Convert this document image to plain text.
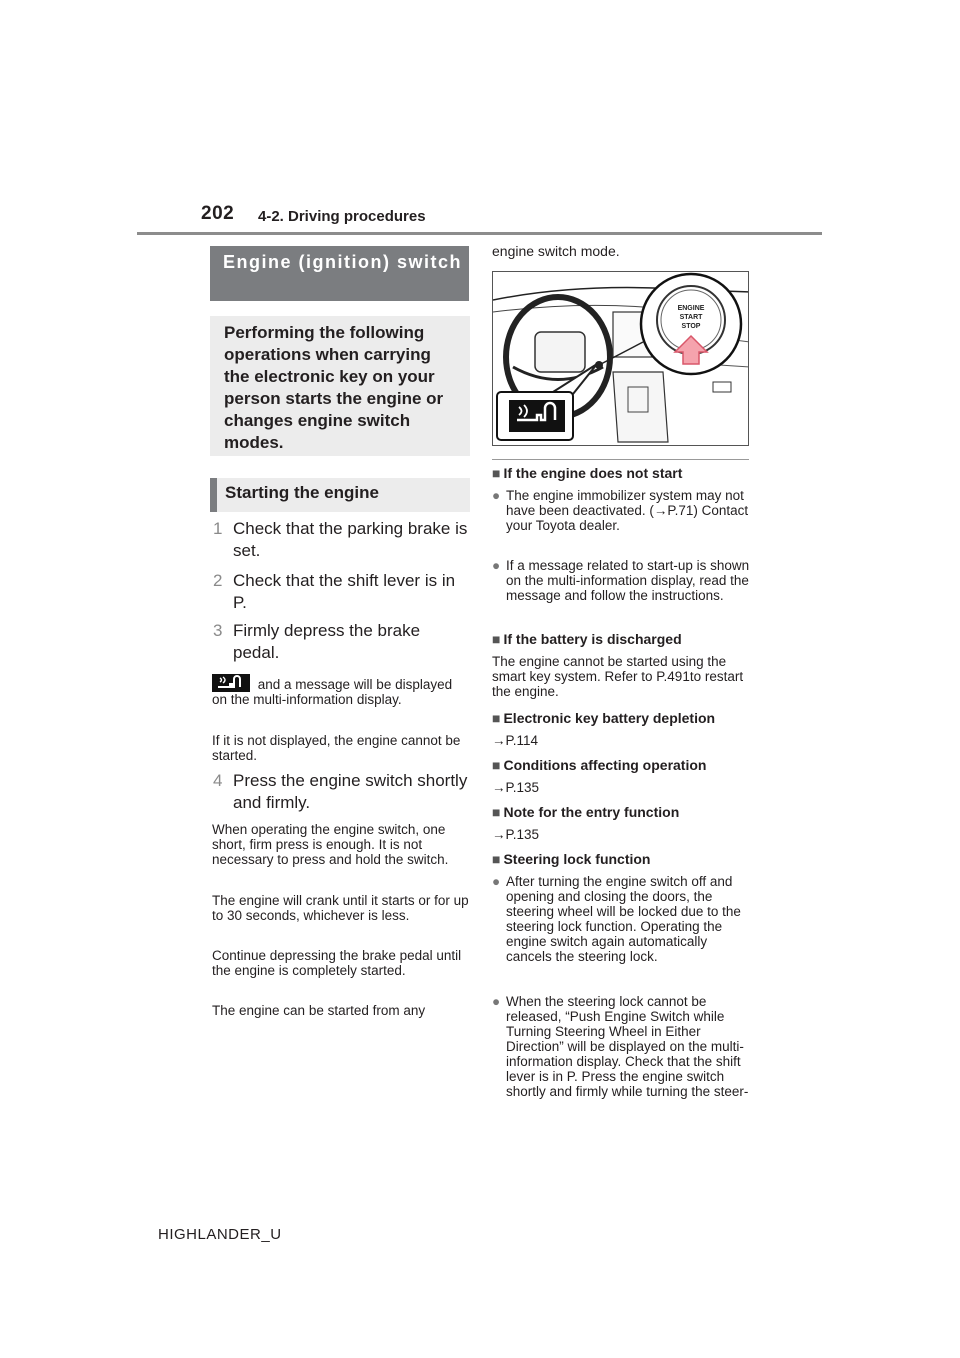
202 4-2. Driving procedures
Engine (ignition) switch
Performing the following operations when carrying the electronic key on your person starts the engine or changes engine switch modes.
Starting the engine
1 Check that the parking brake is set.
2 Check that the shift lever is in P.
3 Firmly depress the brake pedal.
and a message will be displayed on the multi-information display.
If it is not displayed, the engine cannot be started.
4 Press the engine switch shortly and firmly.
When operating the engine switch, one short, firm press is enough. It is not necessary to press and hold the switch.
The engine will crank until it starts or for up to 30 seconds, whichever is less.
Continue depressing the brake pedal until the engine is completely started.
The engine can be started from any
engine switch mode.
ENGINE
START
STOP
■ If the engine does not start
● The engine immobilizer system may not have been deactivated. (→P.71) Contact your Toyota dealer.
● If a message related to start-up is shown on the multi-information display, read the message and follow the instructions.
■ If the battery is discharged
The engine cannot be started using the smart key system. Refer to P.491to restart the engine.
■ Electronic key battery depletion
→P.114
■ Conditions affecting operation
→P.135
■ Note for the entry function
→P.135
■ Steering lock function
● After turning the engine switch off and opening and closing the doors, the steering wheel will be locked due to the steering lock function. Operating the engine switch again automatically cancels the steering lock.
● When the steering lock cannot be released, “Push Engine Switch while Turning Steering Wheel in Either Direction” will be displayed on the multi-information display. Check that the shift lever is in P. Press the engine switch shortly and firmly while turning the steer-
HIGHLANDER_U
